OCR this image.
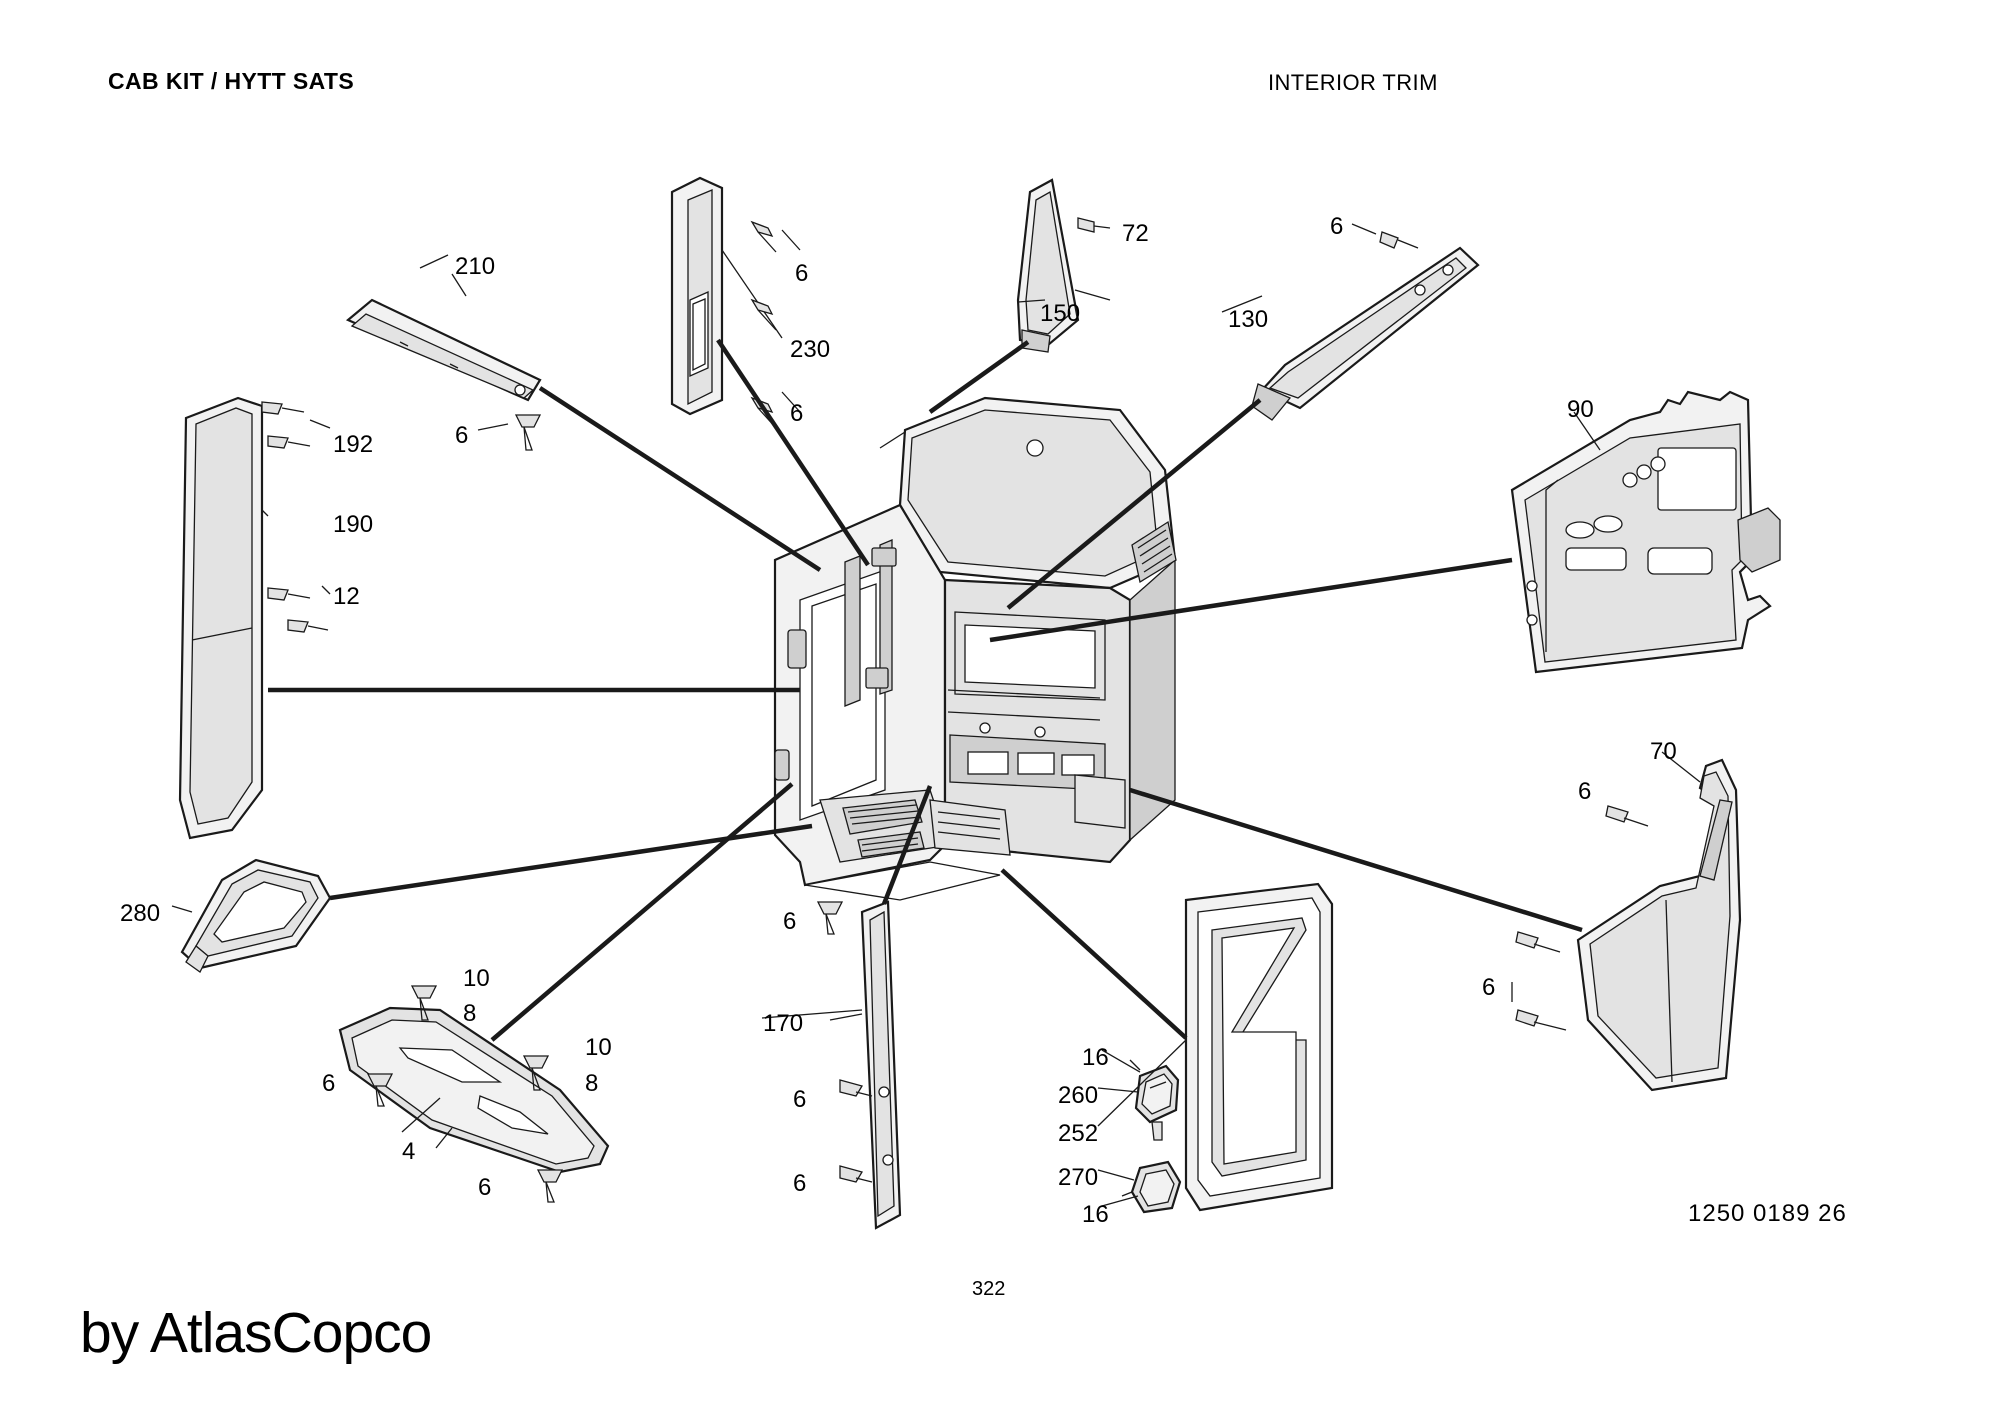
CAB KIT / HYTT SATS	INTERIOR TRIM
210	6
230
6
6
72
150
6
130
90
192
190
12
280
10
8
10
8
6
4
6
6
170
6
6
16
260
252
270
16
70
6
6
1250 0189 26
322
by AtlasCopco
